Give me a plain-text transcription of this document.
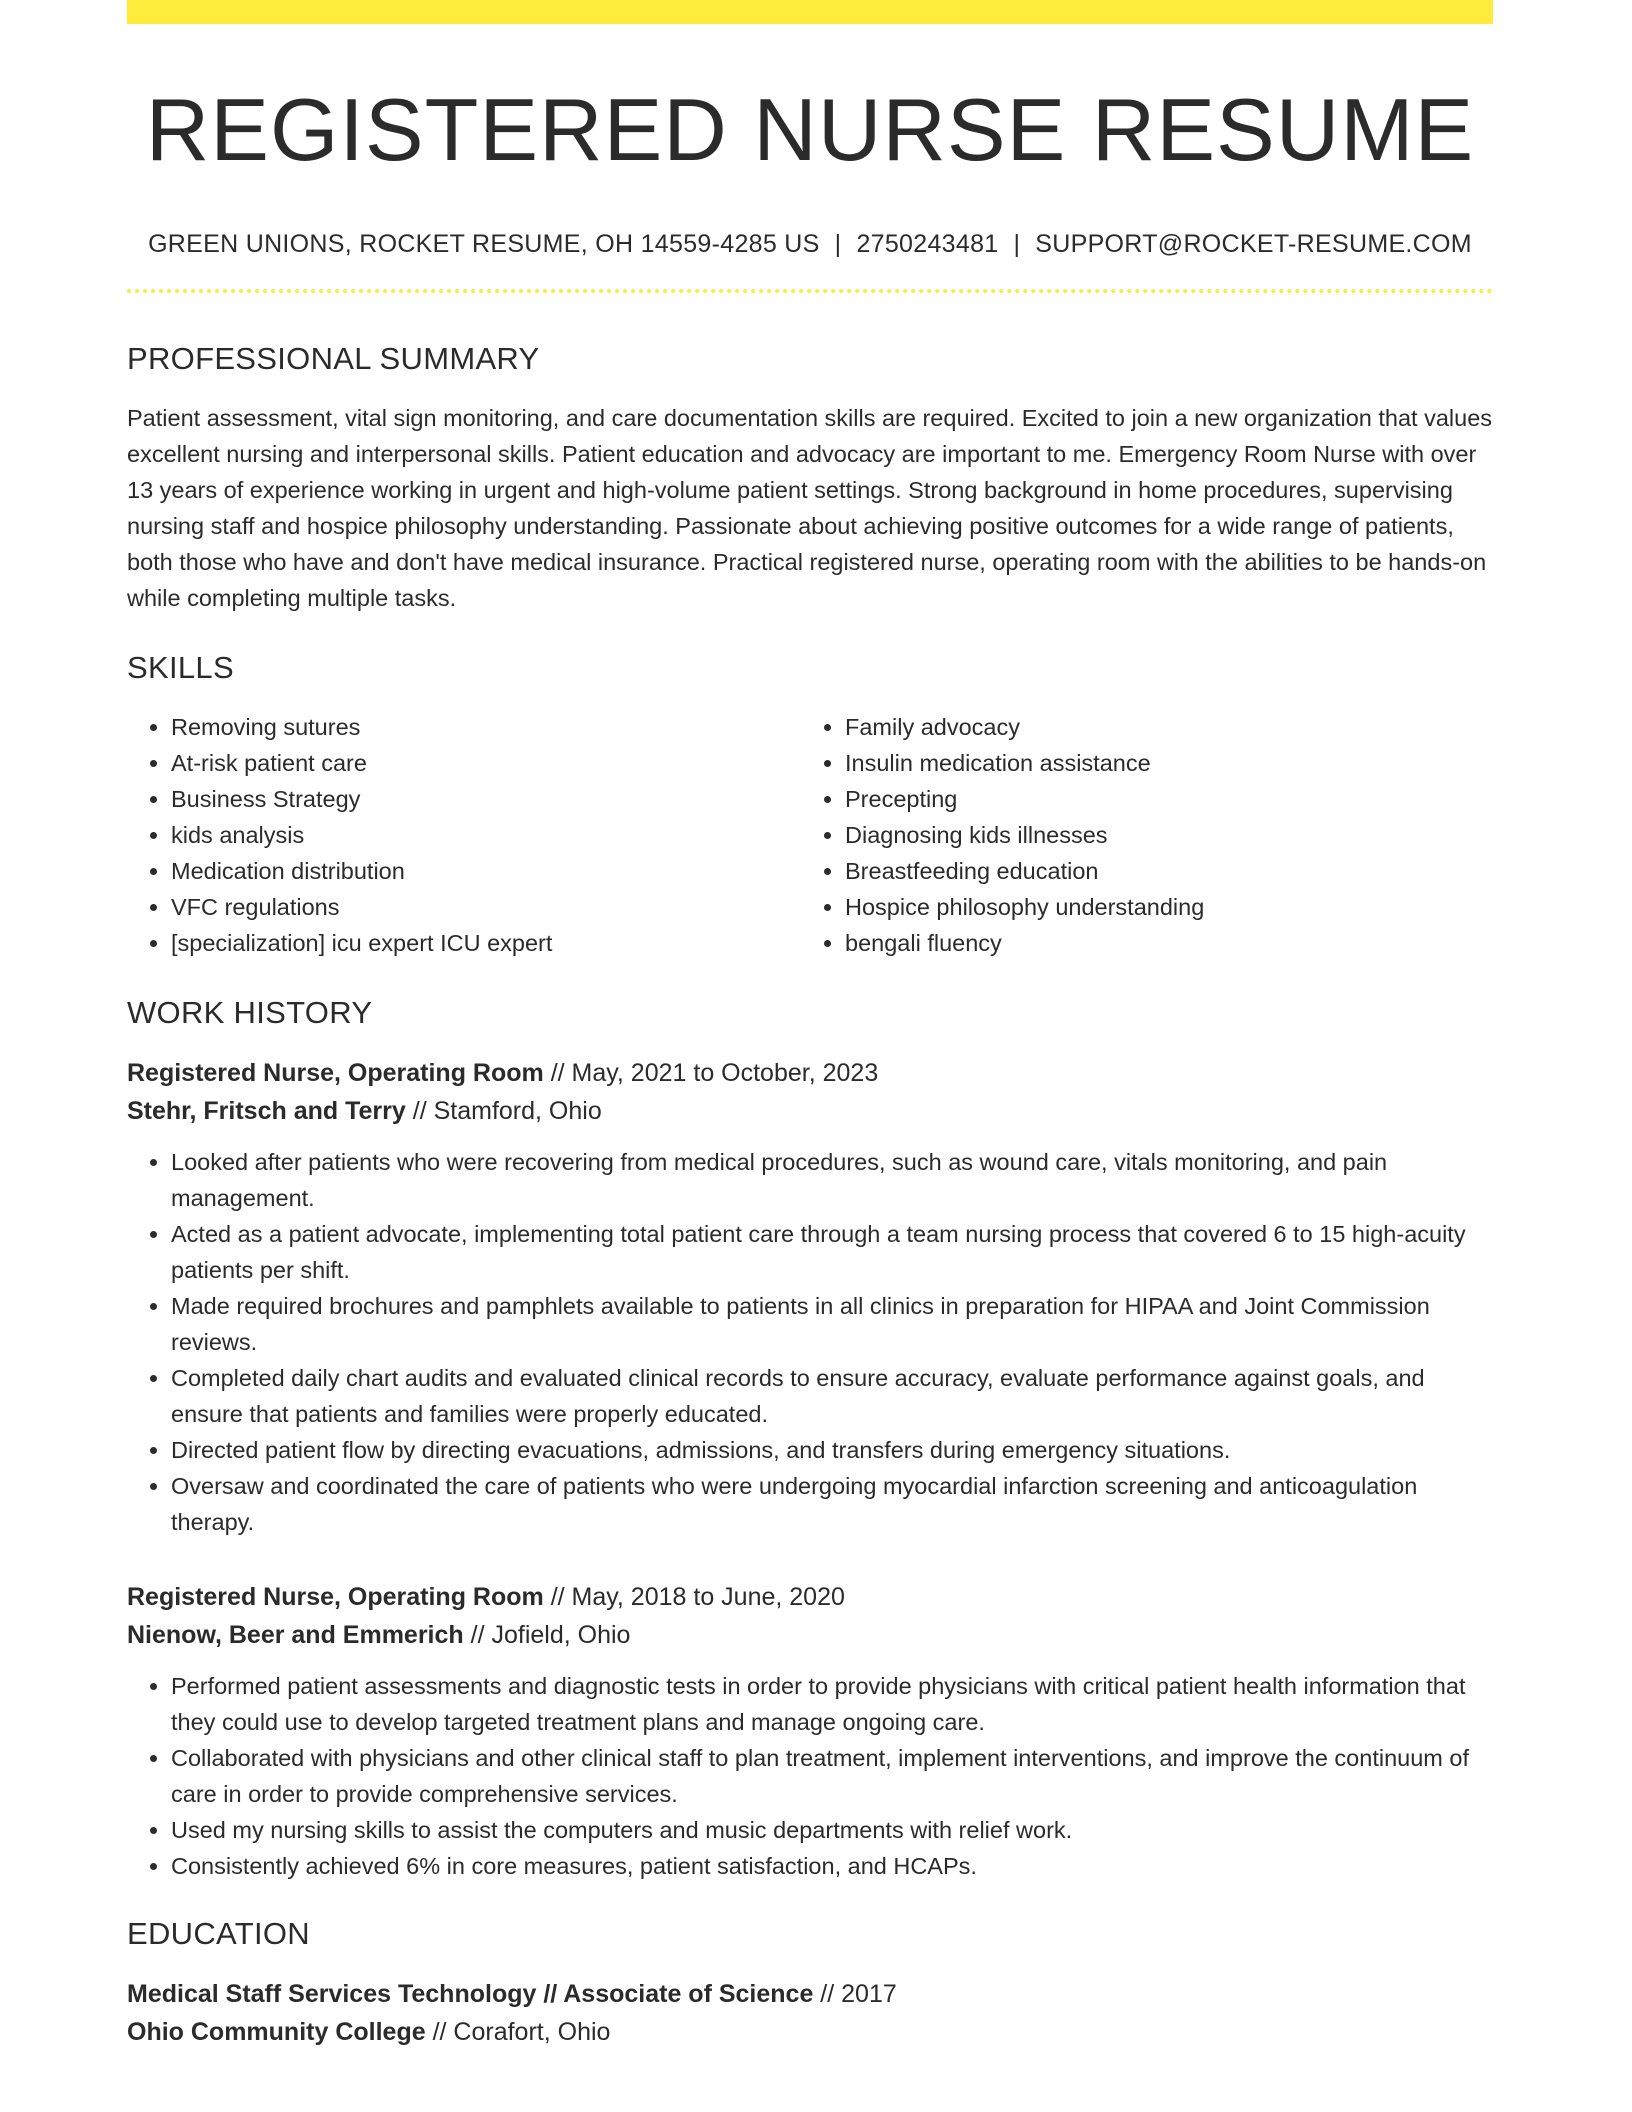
REGISTERED NURSE RESUME
GREEN UNIONS, ROCKET RESUME, OH 14559-4285 US | 2750243481 | SUPPORT@ROCKET-RESUME.COM
PROFESSIONAL SUMMARY

Patient assessment, vital sign monitoring, and care documentation skills are required. Excited to join a new organization that values excellent nursing and interpersonal skills. Patient education and advocacy are important to me. Emergency Room Nurse with over 13 years of experience working in urgent and high-volume patient settings. Strong background in home procedures, supervising nursing staff and hospice philosophy understanding. Passionate about achieving positive outcomes for a wide range of patients, both those who have and don't have medical insurance. Practical registered nurse, operating room with the abilities to be hands-on while completing multiple tasks.

SKILLS
• Removing sutures
• At-risk patient care
• Business Strategy
• kids analysis
• Medication distribution
• VFC regulations
• [specialization] icu expert ICU expert
• Family advocacy
• Insulin medication assistance
• Precepting
• Diagnosing kids illnesses
• Breastfeeding education
• Hospice philosophy understanding
• bengali fluency
WORK HISTORY
Registered Nurse, Operating Room // May, 2021 to October, 2023
Stehr, Fritsch and Terry // Stamford, Ohio
• Looked after patients who were recovering from medical procedures, such as wound care, vitals monitoring, and pain management.
• Acted as a patient advocate, implementing total patient care through a team nursing process that covered 6 to 15 high-acuity patients per shift.
• Made required brochures and pamphlets available to patients in all clinics in preparation for HIPAA and Joint Commission reviews.
• Completed daily chart audits and evaluated clinical records to ensure accuracy, evaluate performance against goals, and ensure that patients and families were properly educated.
• Directed patient flow by directing evacuations, admissions, and transfers during emergency situations.
• Oversaw and coordinated the care of patients who were undergoing myocardial infarction screening and anticoagulation therapy.
Registered Nurse, Operating Room // May, 2018 to June, 2020
Nienow, Beer and Emmerich // Jofield, Ohio
• Performed patient assessments and diagnostic tests in order to provide physicians with critical patient health information that they could use to develop targeted treatment plans and manage ongoing care.
• Collaborated with physicians and other clinical staff to plan treatment, implement interventions, and improve the continuum of care in order to provide comprehensive services.
• Used my nursing skills to assist the computers and music departments with relief work.
• Consistently achieved 6% in core measures, patient satisfaction, and HCAPs.
EDUCATION
Medical Staff Services Technology // Associate of Science // 2017
Ohio Community College // Corafort, Ohio
